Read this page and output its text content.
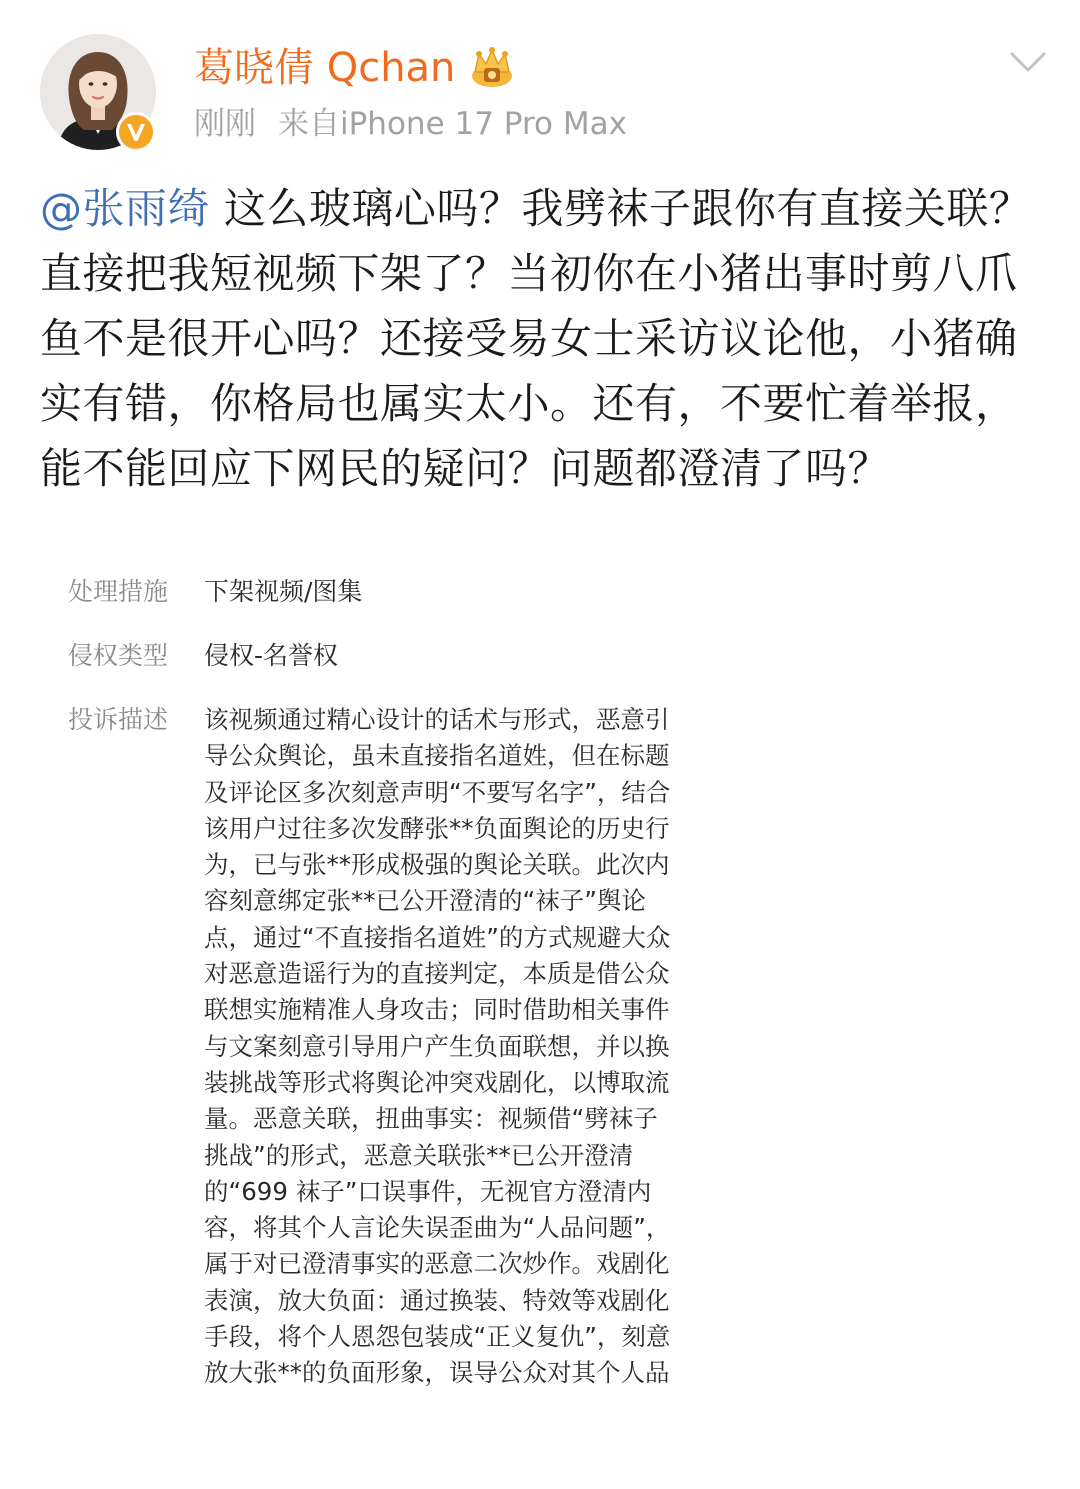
葛晓倩 Qchan
刚刚 来自iPhone 17 Pro Max
@张雨绮 这么玻璃心吗？我劈袜子跟你有直接关联？直接把我短视频下架了？当初你在小猪出事时剪八爪鱼不是很开心吗？还接受易女士采访议论他，小猪确实有错，你格局也属实太小。还有，不要忙着举报，能不能回应下网民的疑问？问题都澄清了吗？
处理措施	下架视频/图集
侵权类型	侵权-名誉权
投诉描述	该视频通过精心设计的话术与形式，恶意引导公众舆论，虽未直接指名道姓，但在标题及评论区多次刻意声明“不要写名字”，结合该用户过往多次发酵张**负面舆论的历史行为，已与张**形成极强的舆论关联。此次内容刻意绑定张**已公开澄清的“袜子”舆论点，通过“不直接指名道姓”的方式规避大众对恶意造谣行为的直接判定，本质是借公众联想实施精准人身攻击；同时借助相关事件与文案刻意引导用户产生负面联想，并以换装挑战等形式将舆论冲突戏剧化，以博取流量。恶意关联，扭曲事实：视频借“劈袜子挑战”的形式，恶意关联张**已公开澄清的“699 袜子”口误事件，无视官方澄清内容，将其个人言论失误歪曲为“人品问题”，属于对已澄清事实的恶意二次炒作。戏剧化表演，放大负面：通过换装、特效等戏剧化手段，将个人恩怨包装成“正义复仇”，刻意放大张**的负面形象，误导公众对其个人品
